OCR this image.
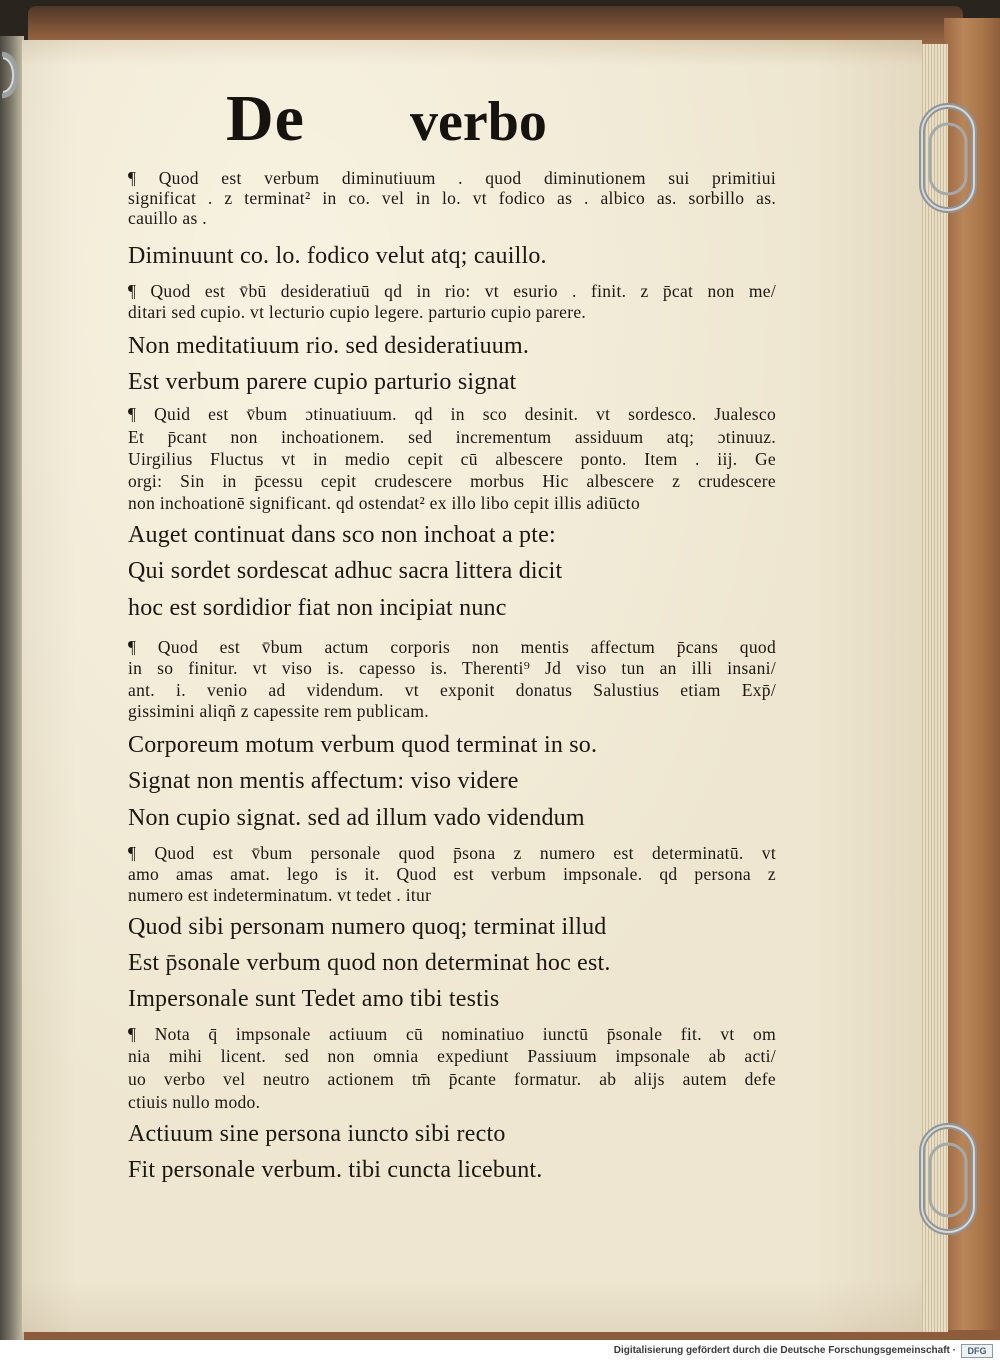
De verbo
¶ Quod est verbum diminutiuum . quod diminutionem sui primitiui
significat . z terminat² in co. vel in lo. vt fodico as . albico as. sorbillo as.
cauillo as .
Diminuunt co. lo. fodico velut atq; cauillo.
¶ Quod est v̄bū desideratiuū qd in rio: vt esurio . finit. z p̄cat non me/
ditari sed cupio. vt lecturio cupio legere. parturio cupio parere.
Non meditatiuum rio. sed desideratiuum.
Est verbum parere cupio parturio signat
¶ Quid est v̄bum ɔtinuatiuum. qd in sco desinit. vt sordesco. Jualesco
Et p̄cant non inchoationem. sed incrementum assiduum atq; ɔtinuuz.
Uirgilius Fluctus vt in medio cepit cū albescere ponto. Item . iij. Ge
orgi: Sin in p̄cessu cepit crudescere morbus Hic albescere z crudescere
non inchoationē significant. qd ostendat² ex illo libo cepit illis adiūcto
Auget continuat dans sco non inchoat a pte:
Qui sordet sordescat adhuc sacra littera dicit
hoc est sordidior fiat non incipiat nunc
¶ Quod est v̄bum actum corporis non mentis affectum p̄cans quod
in so finitur. vt viso is. capesso is. Therenti⁹ Jd viso tun an illi insani/
ant. i. venio ad videndum. vt exponit donatus Salustius etiam Exp̄/
gissimini aliqñ z capessite rem publicam.
Corporeum motum verbum quod terminat in so.
Signat non mentis affectum: viso videre
Non cupio signat. sed ad illum vado videndum
¶ Quod est v̄bum personale quod p̄sona z numero est determinatū. vt
amo amas amat. lego is it. Quod est verbum impsonale. qd persona z
numero est indeterminatum. vt tedet . itur
Quod sibi personam numero quoq; terminat illud
Est p̄sonale verbum quod non determinat hoc est.
Impersonale sunt Tedet amo tibi testis
¶ Nota q̄ impsonale actiuum cū nominatiuo iunctū p̄sonale fit. vt om
nia mihi licent. sed non omnia expediunt Passiuum impsonale ab acti/
uo verbo vel neutro actionem tm̄ p̄cante formatur. ab alijs autem defe
ctiuis nullo modo.
Actiuum sine persona iuncto sibi recto
Fit personale verbum. tibi cuncta licebunt.
Digitalisierung gefördert durch die Deutsche Forschungsgemeinschaft ·	DFG
